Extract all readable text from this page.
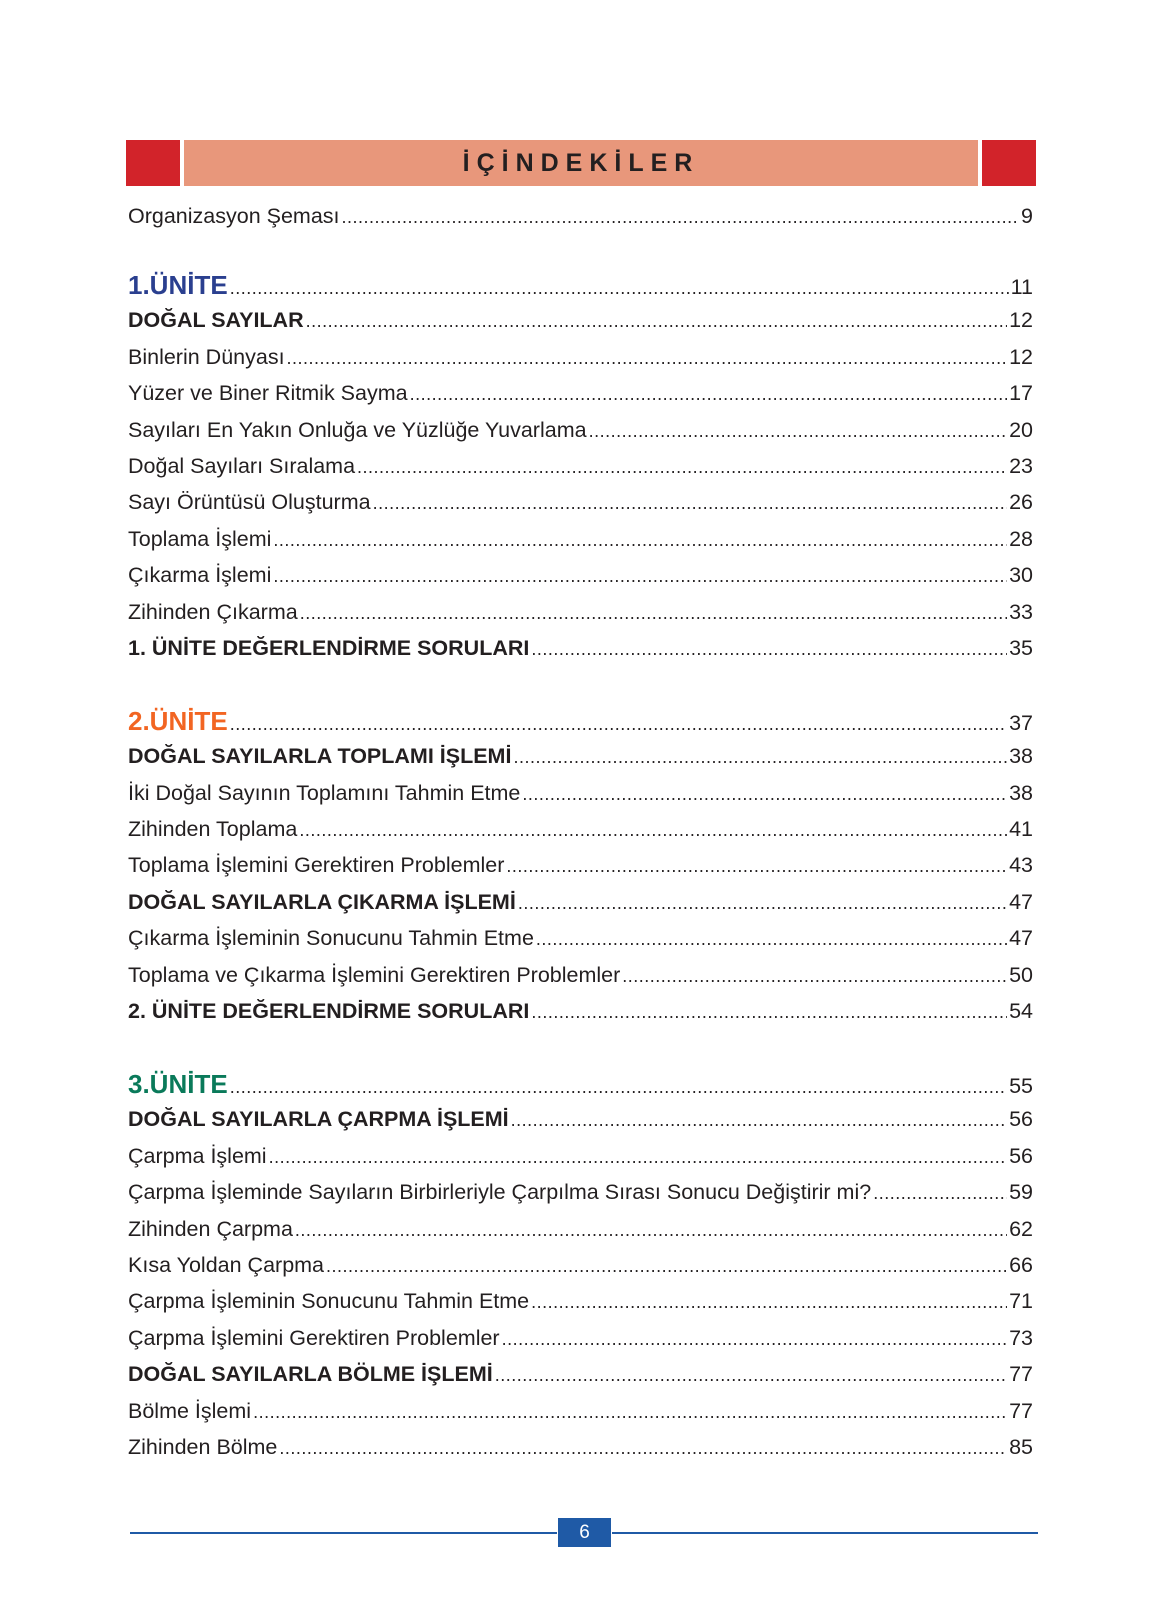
İÇİNDEKİLER
Organizasyon Şeması .....	9
1.ÜNİTE .....	11
DOĞAL SAYILAR .....	12
Binlerin Dünyası .....	12
Yüzer ve Biner Ritmik Sayma .....	17
Sayıları En Yakın Onluğa ve Yüzlüğe Yuvarlama .....	20
Doğal Sayıları Sıralama .....	23
Sayı Örüntüsü Oluşturma .....	26
Toplama İşlemi .....	28
Çıkarma İşlemi .....	30
Zihinden Çıkarma .....	33
1. ÜNİTE DEĞERLENDİRME SORULARI .....	35
2.ÜNİTE .....	37
DOĞAL SAYILARLA TOPLAMI İŞLEMİ .....	38
İki Doğal Sayının Toplamını Tahmin Etme .....	38
Zihinden Toplama .....	41
Toplama İşlemini Gerektiren Problemler .....	43
DOĞAL SAYILARLA ÇIKARMA İŞLEMİ .....	47
Çıkarma İşleminin Sonucunu Tahmin Etme .....	47
Toplama ve Çıkarma İşlemini Gerektiren Problemler .....	50
2. ÜNİTE DEĞERLENDİRME SORULARI .....	54
3.ÜNİTE .....	55
DOĞAL SAYILARLA ÇARPMA İŞLEMİ .....	56
Çarpma İşlemi .....	56
Çarpma İşleminde Sayıların Birbirleriyle Çarpılma Sırası Sonucu Değiştirir mi? .....	59
Zihinden Çarpma .....	62
Kısa Yoldan Çarpma .....	66
Çarpma İşleminin Sonucunu Tahmin Etme .....	71
Çarpma İşlemini Gerektiren Problemler .....	73
DOĞAL SAYILARLA BÖLME İŞLEMİ .....	77
Bölme İşlemi .....	77
Zihinden Bölme .....	85
6
